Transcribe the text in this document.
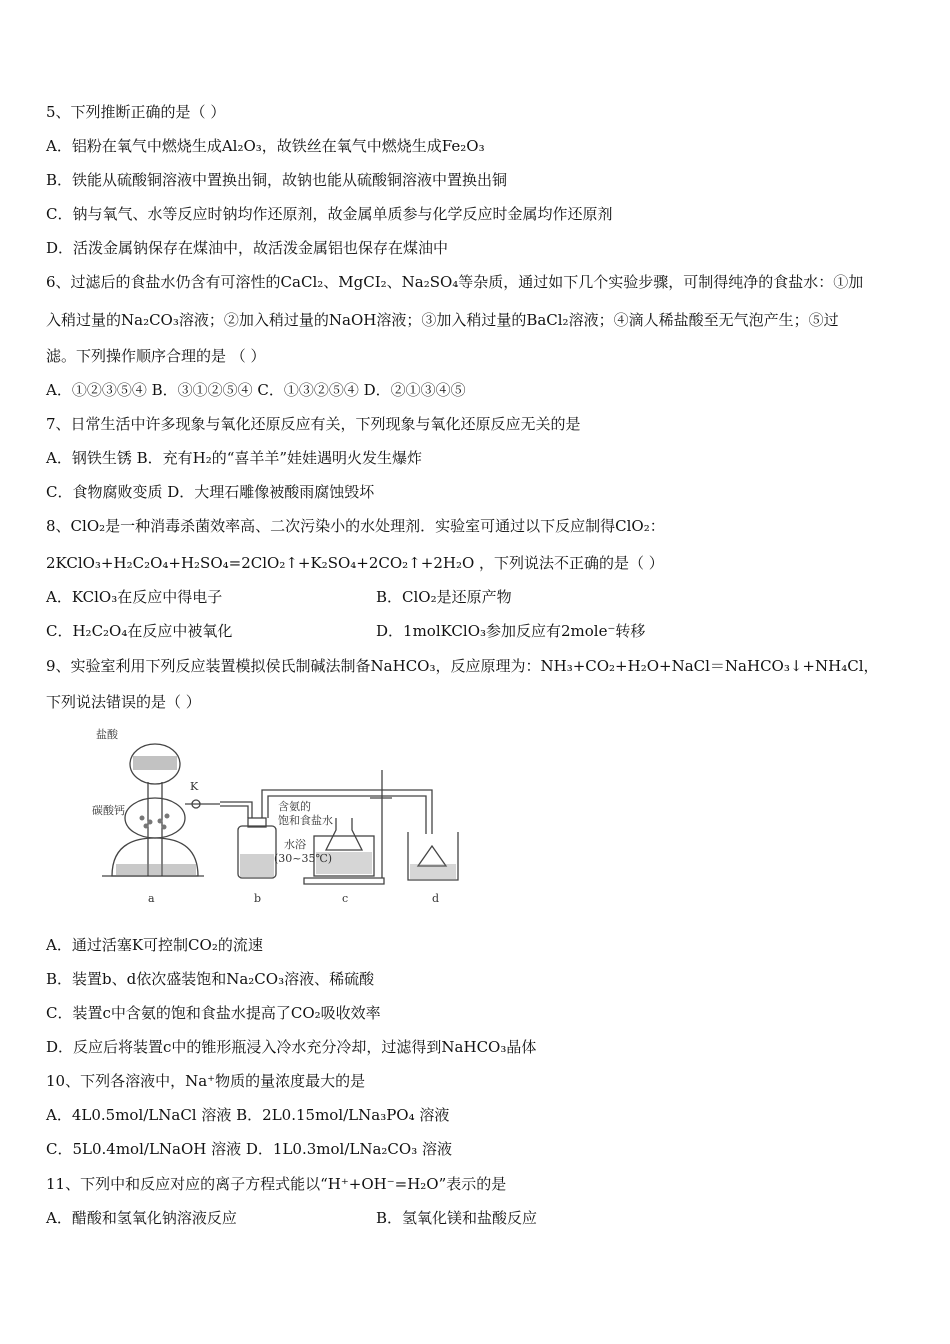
5、下列推断正确的是（ ）
A．铝粉在氧气中燃烧生成Al₂O₃，故铁丝在氧气中燃烧生成Fe₂O₃
B．铁能从硫酸铜溶液中置换出铜，故钠也能从硫酸铜溶液中置换出铜
C．钠与氧气、水等反应时钠均作还原剂，故金属单质参与化学反应时金属均作还原剂
D．活泼金属钠保存在煤油中，故活泼金属铝也保存在煤油中
6、过滤后的食盐水仍含有可溶性的CaCl₂、MgCI₂、Na₂SO₄等杂质，通过如下几个实验步骤，可制得纯净的食盐水：①加
入稍过量的Na₂CO₃溶液；②加入稍过量的NaOH溶液；③加入稍过量的BaCl₂溶液；④滴人稀盐酸至无气泡产生；⑤过
滤。下列操作顺序合理的是 （ ）
A．①②③⑤④ B．③①②⑤④ C．①③②⑤④ D．②①③④⑤
7、日常生活中许多现象与氧化还原反应有关，下列现象与氧化还原反应无关的是
A．钢铁生锈 B．充有H₂的“喜羊羊”娃娃遇明火发生爆炸
C．食物腐败变质 D．大理石雕像被酸雨腐蚀毁坏
8、ClO₂是一种消毒杀菌效率高、二次污染小的水处理剂．实验室可通过以下反应制得ClO₂：
2KClO₃+H₂C₂O₄+H₂SO₄=2ClO₂↑+K₂SO₄+2CO₂↑+2H₂O ，下列说法不正确的是（ ）
A．KClO₃在反应中得电子	B．ClO₂是还原产物
C．H₂C₂O₄在反应中被氧化	D．1molKClO₃参加反应有2mole⁻转移
9、实验室利用下列反应装置模拟侯氏制碱法制备NaHCO₃，反应原理为：NH₃+CO₂+H₂O+NaCl＝NaHCO₃↓+NH₄Cl，
下列说法错误的是（ ）
盐酸
碳酸钙
K
含氨的
饱和食盐水
水浴
(30~35℃)
a	b	c	d
A．通过活塞K可控制CO₂的流速
B．装置b、d依次盛装饱和Na₂CO₃溶液、稀硫酸
C．装置c中含氨的饱和食盐水提高了CO₂吸收效率
D．反应后将装置c中的锥形瓶浸入冷水充分冷却，过滤得到NaHCO₃晶体
10、下列各溶液中，Na⁺物质的量浓度最大的是
A．4L0.5mol/LNaCl 溶液 B．2L0.15mol/LNa₃PO₄ 溶液
C．5L0.4mol/LNaOH 溶液 D．1L0.3mol/LNa₂CO₃ 溶液
11、下列中和反应对应的离子方程式能以“H⁺+OH⁻=H₂O”表示的是
A．醋酸和氢氧化钠溶液反应	B．氢氧化镁和盐酸反应
